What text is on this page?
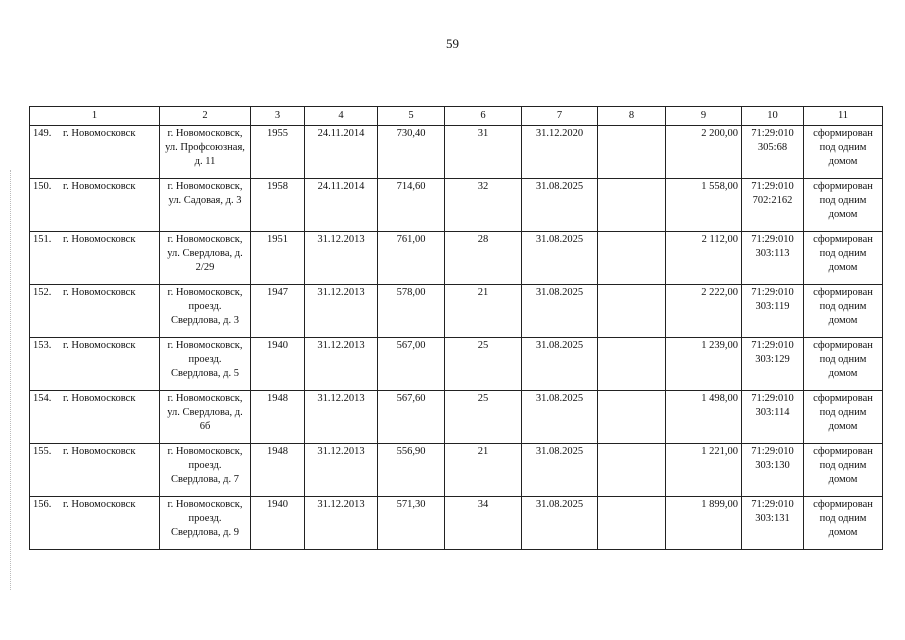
59
1	2	3	4	5	6	7	8	9	10	11
149. г. Новомосковск	г. Новомосковск, ул. Профсоюзная, д. 11	1955	24.11.2014	730,40	31	31.12.2020		2 200,00	71:29:010 305:68	сформирован под одним домом
150. г. Новомосковск	г. Новомосковск, ул. Садовая, д. 3	1958	24.11.2014	714,60	32	31.08.2025		1 558,00	71:29:010 702:2162	сформирован под одним домом
151. г. Новомосковск	г. Новомосковск, ул. Свердлова, д. 2/29	1951	31.12.2013	761,00	28	31.08.2025		2 112,00	71:29:010 303:113	сформирован под одним домом
152. г. Новомосковск	г. Новомосковск, проезд. Свердлова, д. 3	1947	31.12.2013	578,00	21	31.08.2025		2 222,00	71:29:010 303:119	сформирован под одним домом
153. г. Новомосковск	г. Новомосковск, проезд. Свердлова, д. 5	1940	31.12.2013	567,00	25	31.08.2025		1 239,00	71:29:010 303:129	сформирован под одним домом
154. г. Новомосковск	г. Новомосковск, ул. Свердлова, д. 6б	1948	31.12.2013	567,60	25	31.08.2025		1 498,00	71:29:010 303:114	сформирован под одним домом
155. г. Новомосковск	г. Новомосковск, проезд. Свердлова, д. 7	1948	31.12.2013	556,90	21	31.08.2025		1 221,00	71:29:010 303:130	сформирован под одним домом
156. г. Новомосковск	г. Новомосковск, проезд. Свердлова, д. 9	1940	31.12.2013	571,30	34	31.08.2025		1 899,00	71:29:010 303:131	сформирован под одним домом
